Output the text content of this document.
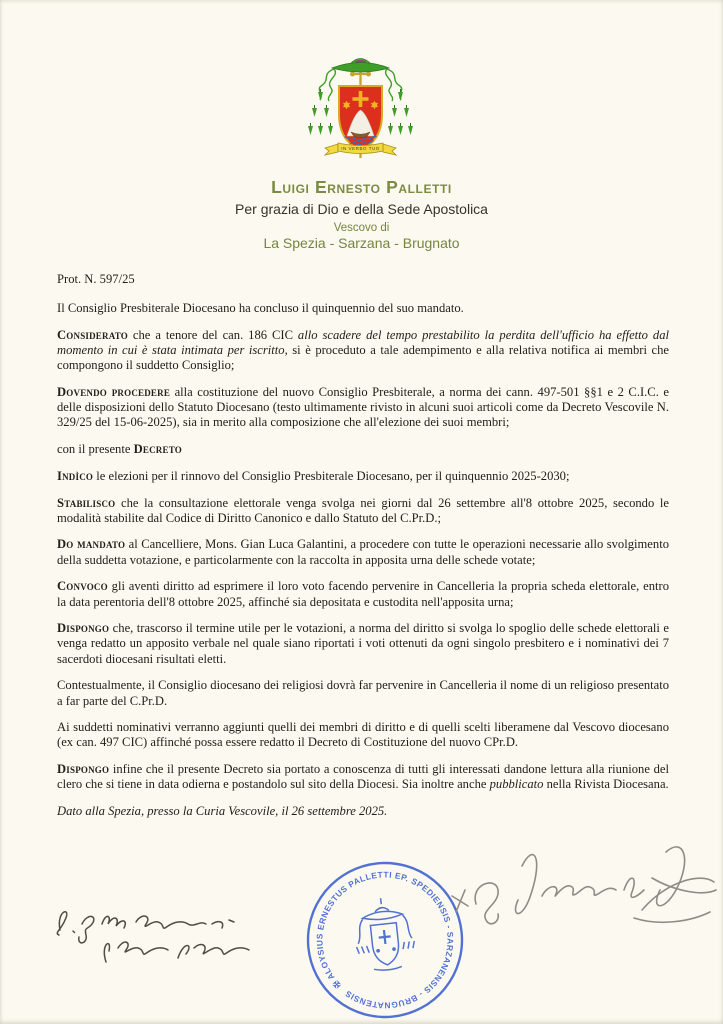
IN VERBO TUO
Luigi Ernesto Palletti
Per grazia di Dio e della Sede Apostolica
Vescovo di
La Spezia - Sarzana - Brugnato

Prot. N. 597/25

Il Consiglio Presbiterale Diocesano ha concluso il quinquennio del suo mandato.

Considerato che a tenore del can. 186 CIC allo scadere del tempo prestabilito la perdita dell'ufficio ha effetto dal momento in cui è stata intimata per iscritto, si è proceduto a tale adempimento e alla relativa notifica ai membri che compongono il suddetto Consiglio;

Dovendo procedere alla costituzione del nuovo Consiglio Presbiterale, a norma dei cann. 497-501 §§1 e 2 C.I.C. e delle disposizioni dello Statuto Diocesano (testo ultimamente rivisto in alcuni suoi articoli come da Decreto Vescovile N. 329/25 del 15-06-2025), sia in merito alla composizione che all'elezione dei suoi membri;

con il presente Decreto

Indìco le elezioni per il rinnovo del Consiglio Presbiterale Diocesano, per il quinquennio 2025-2030;

Stabilisco che la consultazione elettorale venga svolga nei giorni dal 26 settembre all'8 ottobre 2025, secondo le modalità stabilite dal Codice di Diritto Canonico e dallo Statuto del C.Pr.D.;

Do mandato al Cancelliere, Mons. Gian Luca Galantini, a procedere con tutte le operazioni necessarie allo svolgimento della suddetta votazione, e particolarmente con la raccolta in apposita urna delle schede votate;

Convoco gli aventi diritto ad esprimere il loro voto facendo pervenire in Cancelleria la propria scheda elettorale, entro la data perentoria dell'8 ottobre 2025, affinché sia depositata e custodita nell'apposita urna;

Dispongo che, trascorso il termine utile per le votazioni, a norma del diritto si svolga lo spoglio delle schede elettorali e venga redatto un apposito verbale nel quale siano riportati i voti ottenuti da ogni singolo presbitero e i nominativi dei 7 sacerdoti diocesani risultati eletti.

Contestualmente, il Consiglio diocesano dei religiosi dovrà far pervenire in Cancelleria il nome di un religioso presentato a far parte del C.Pr.D.

Ai suddetti nominativi verranno aggiunti quelli dei membri di diritto e di quelli scelti liberamene dal Vescovo diocesano (ex can. 497 CIC) affinché possa essere redatto il Decreto di Costituzione del nuovo CPr.D.

Dispongo infine che il presente Decreto sia portato a conoscenza di tutti gli interessati dandone lettura alla riunione del clero che si tiene in data odierna e postandolo sul sito della Diocesi. Sia inoltre anche pubblicato nella Rivista Diocesana.

Dato alla Spezia, presso la Curia Vescovile, il 26 settembre 2025.

✠ ALOYSIUS ERNESTUS PALLETTI EP. SPEDIENSIS - SARZANENSIS - BRUGNATENSIS
